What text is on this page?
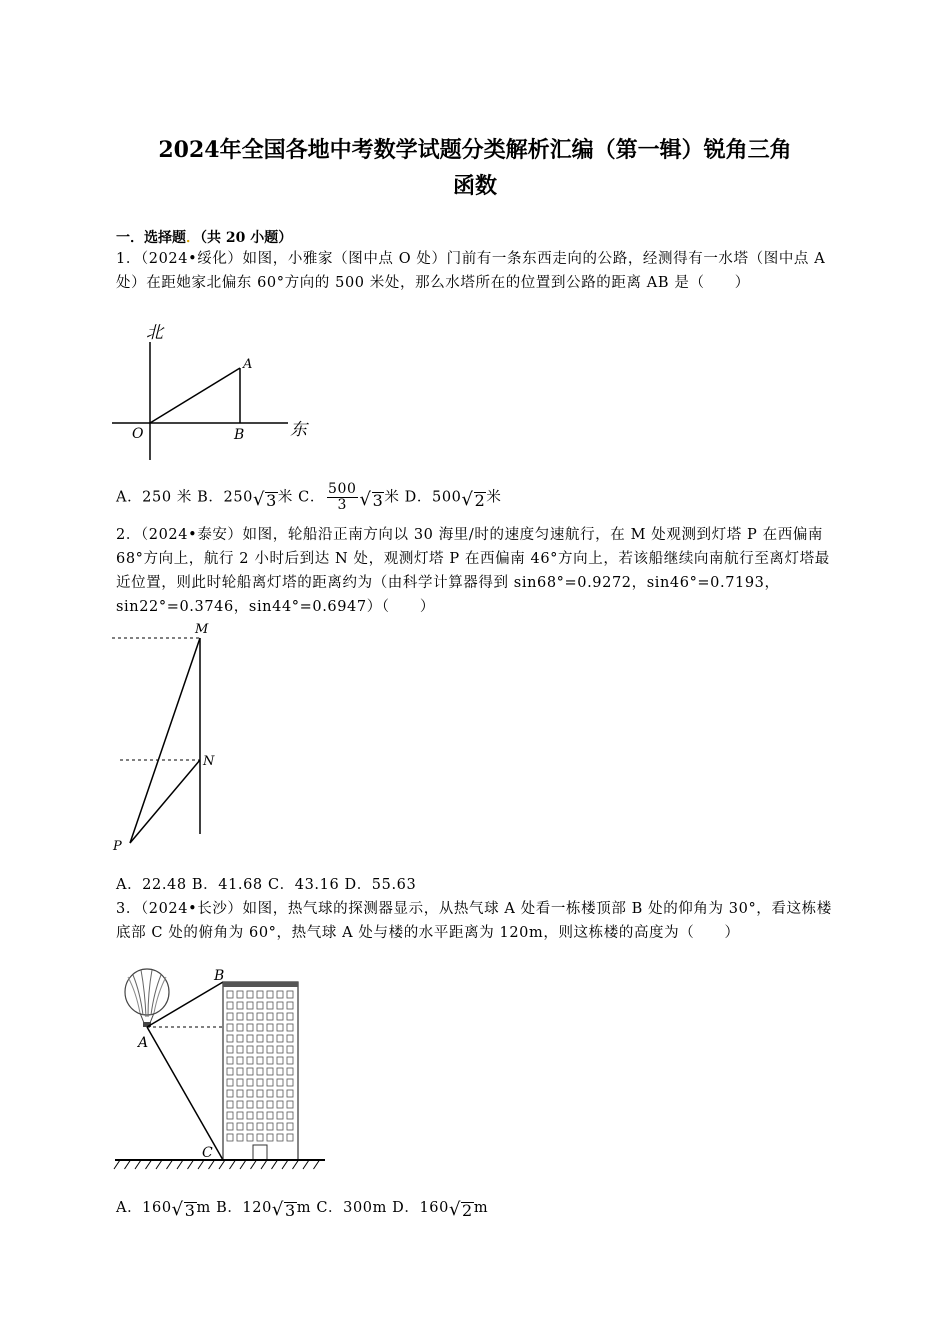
2024年全国各地中考数学试题分类解析汇编（第一辑）锐角三角
函数
一．选择题．（共 20 小题）
1．（2024•绥化）如图，小雅家（图中点 O 处）门前有一条东西走向的公路，经测得有一水塔（图中点 A 处）在距她家北偏东 60°方向的 500 米处，那么水塔所在的位置到公路的距离 AB 是（　　）
北
东
O
A
B
A．250 米 B．250 √ 3 米 C． $\frac{500}{3}$ √ 3 米 D．500 √ 2 米
2．（2024•泰安）如图，轮船沿正南方向以 30 海里/时的速度匀速航行，在 M 处观测到灯塔 P 在西偏南 68°方向上，航行 2 小时后到达 N 处，观测灯塔 P 在西偏南 46°方向上，若该船继续向南航行至离灯塔最近位置，则此时轮船离灯塔的距离约为（由科学计算器得到 sin68°=0.9272，sin46°=0.7193，sin22°=0.3746，sin44°=0.6947）（　　）
M
N
P
A．22.48 B．41.68 C．43.16 D．55.63
3．（2024•长沙）如图，热气球的探测器显示，从热气球 A 处看一栋楼顶部 B 处的仰角为 30°，看这栋楼底部 C 处的俯角为 60°，热气球 A 处与楼的水平距离为 120m，则这栋楼的高度为（　　）
B
A
C
A．160 √ 3 m B．120 √ 3 m C．300m D．160 √ 2 m
